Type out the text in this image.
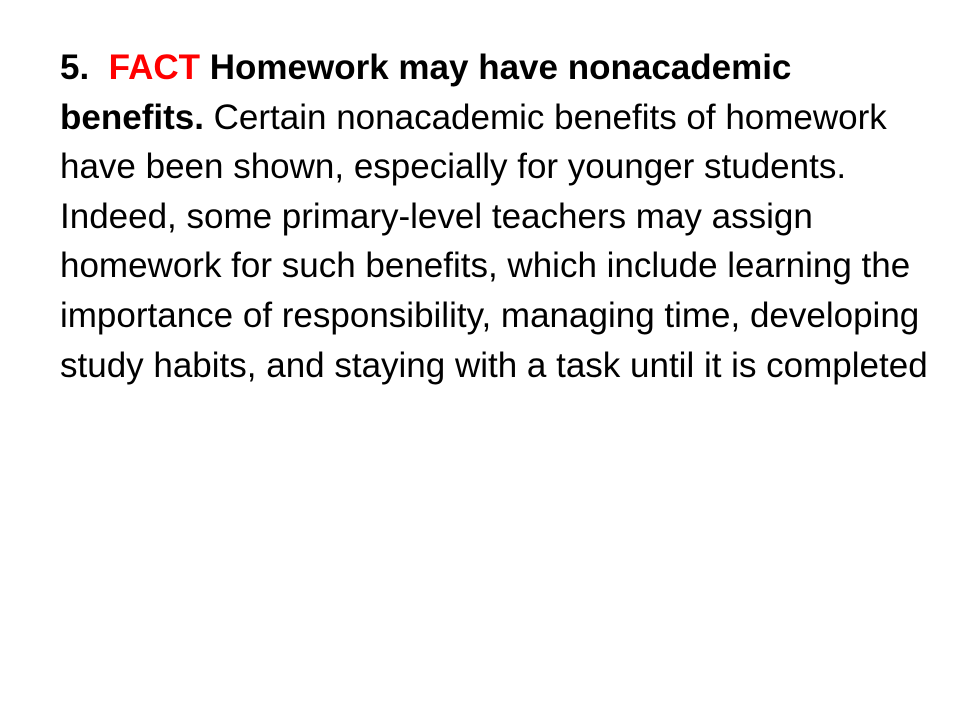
5. FACT Homework may have nonacademic benefits. Certain nonacademic benefits of homework have been shown, especially for younger students. Indeed, some primary-level teachers may assign homework for such benefits, which include learning the importance of responsibility, managing time, developing study habits, and staying with a task until it is completed
